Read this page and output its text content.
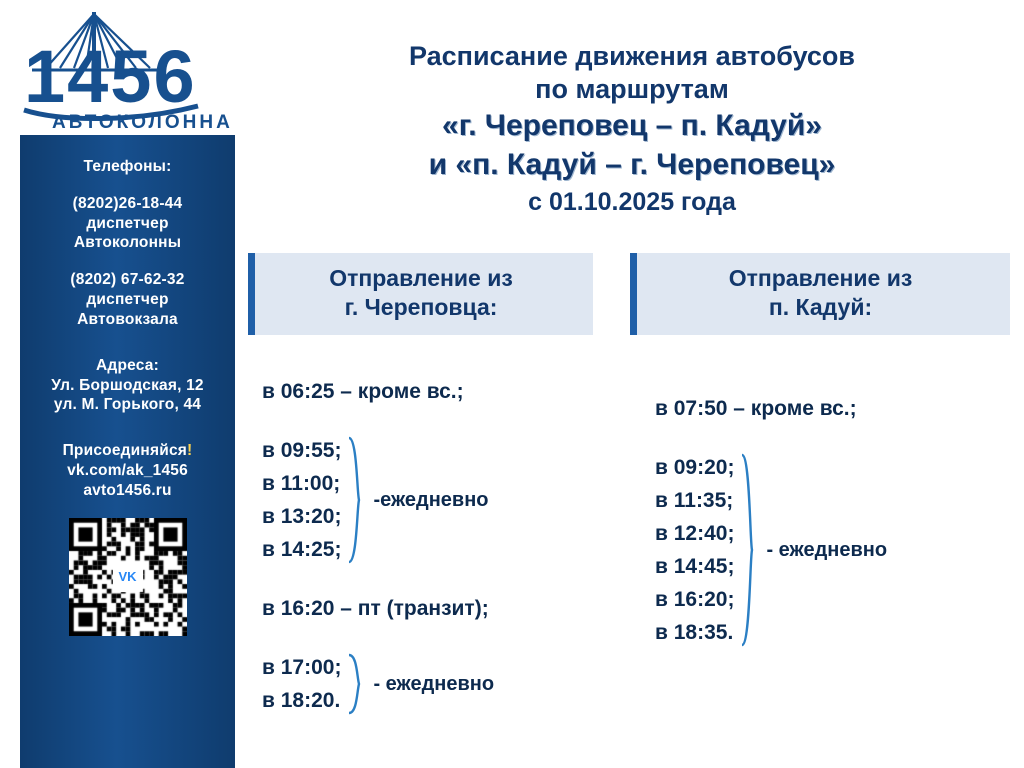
1456
АВТОКОЛОННА
Расписание движения автобусов
по маршрутам
«г. Череповец – п. Кадуй»
и «п. Кадуй – г. Череповец»
с 01.10.2025 года
Телефоны:
(8202)26-18-44
диспетчер
Автоколонны
(8202) 67-62-32
диспетчер
Автовокзала
Адреса:
Ул. Боршодская, 12
ул. М. Горького, 44
Присоединяйся!
vk.com/ak_1456
avto1456.ru
VK
Отправление из
г. Череповца:
Отправление из
п. Кадуй:
в 06:25 – кроме вс.;
в 09:55;
в 11:00;
в 13:20;
в 14:25;
-ежедневно
в 16:20 – пт (транзит);
в 17:00;
в 18:20.
- ежедневно
в 07:50 – кроме вс.;
в 09:20;
в 11:35;
в 12:40;
в 14:45;
в 16:20;
в 18:35.
- ежедневно
